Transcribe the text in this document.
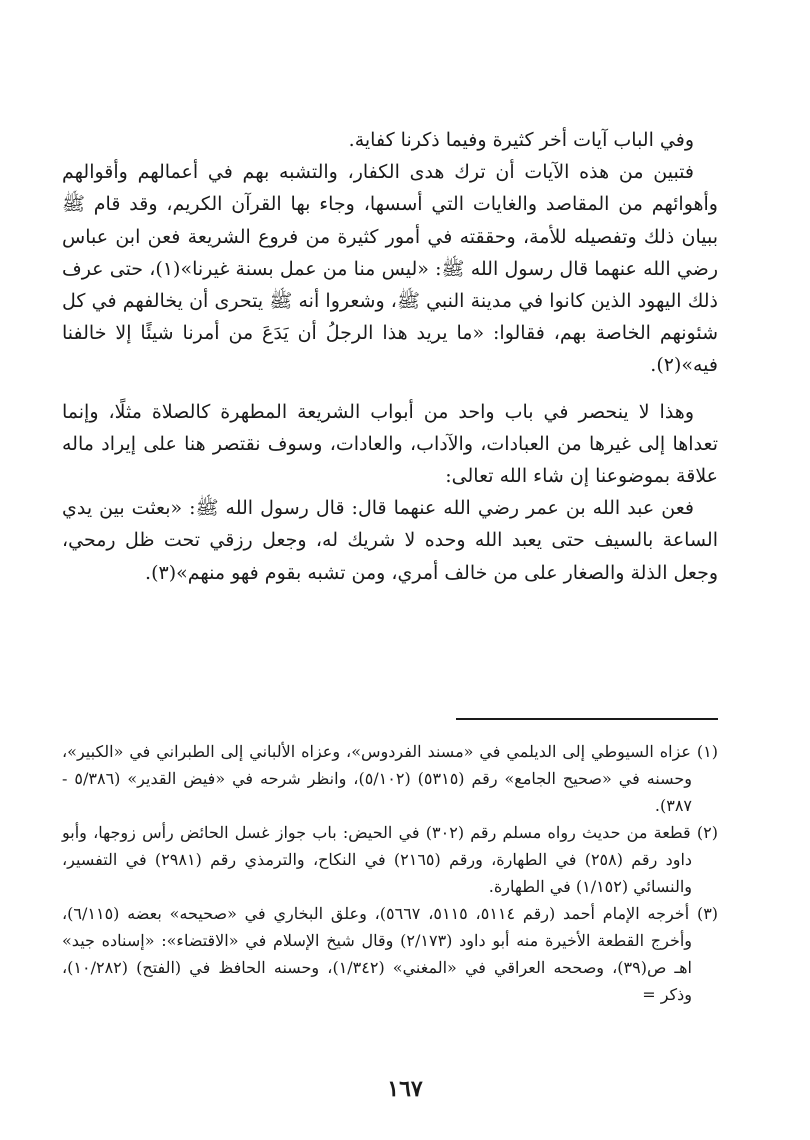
وفي الباب آيات أخر كثيرة وفيما ذكرنا كفاية.

فتبين من هذه الآيات أن ترك هدى الكفار، والتشبه بهم في أعمالهم وأقوالهم وأهوائهم من المقاصد والغايات التي أسسها، وجاء بها القرآن الكريم، وقد قام ﷺ ببيان ذلك وتفصيله للأمة، وحققته في أمور كثيرة من فروع الشريعة فعن ابن عباس رضي الله عنهما قال رسول الله ﷺ: «ليس منا من عمل بسنة غيرنا»(١)، حتى عرف ذلك اليهود الذين كانوا في مدينة النبي ﷺ، وشعروا أنه ﷺ يتحرى أن يخالفهم في كل شئونهم الخاصة بهم، فقالوا: «ما يريد هذا الرجلُ أن يَدَعَ من أمرنا شيئًا إلا خالفنا فيه»(٢).

وهذا لا ينحصر في باب واحد من أبواب الشريعة المطهرة كالصلاة مثلًا، وإنما تعداها إلى غيرها من العبادات، والآداب، والعادات، وسوف نقتصر هنا على إيراد ماله علاقة بموضوعنا إن شاء الله تعالى:

فعن عبد الله بن عمر رضي الله عنهما قال: قال رسول الله ﷺ: «بعثت بين يدي الساعة بالسيف حتى يعبد الله وحده لا شريك له، وجعل رزقي تحت ظل رمحي، وجعل الذلة والصغار على من خالف أمري، ومن تشبه بقوم فهو منهم»(٣).

(١) عزاه السيوطي إلى الديلمي في «مسند الفردوس»، وعزاه الألباني إلى الطبراني في «الكبير»، وحسنه في «صحيح الجامع» رقم (٥٣١٥) (٥/١٠٢)، وانظر شرحه في «فيض القدير» (٥/٣٨٦ - ٣٨٧).

(٢) قطعة من حديث رواه مسلم رقم (٣٠٢) في الحيض: باب جواز غسل الحائض رأس زوجها، وأبو داود رقم (٢٥٨) في الطهارة، ورقم (٢١٦٥) في النكاح، والترمذي رقم (٢٩٨١) في التفسير، والنسائي (١/١٥٢) في الطهارة.

(٣) أخرجه الإمام أحمد (رقم ٥١١٤، ٥١١٥، ٥٦٦٧)، وعلق البخاري في «صحيحه» بعضه (٦/١١٥)، وأخرج القطعة الأخيرة منه أبو داود (٢/١٧٣) وقال شيخ الإسلام في «الاقتضاء»: «إسناده جيد» اهـ ص(٣٩)، وصححه العراقي في «المغني» (١/٣٤٢)، وحسنه الحافظ في (الفتح) (١٠/٢٨٢)، وذكر =

١٦٧
